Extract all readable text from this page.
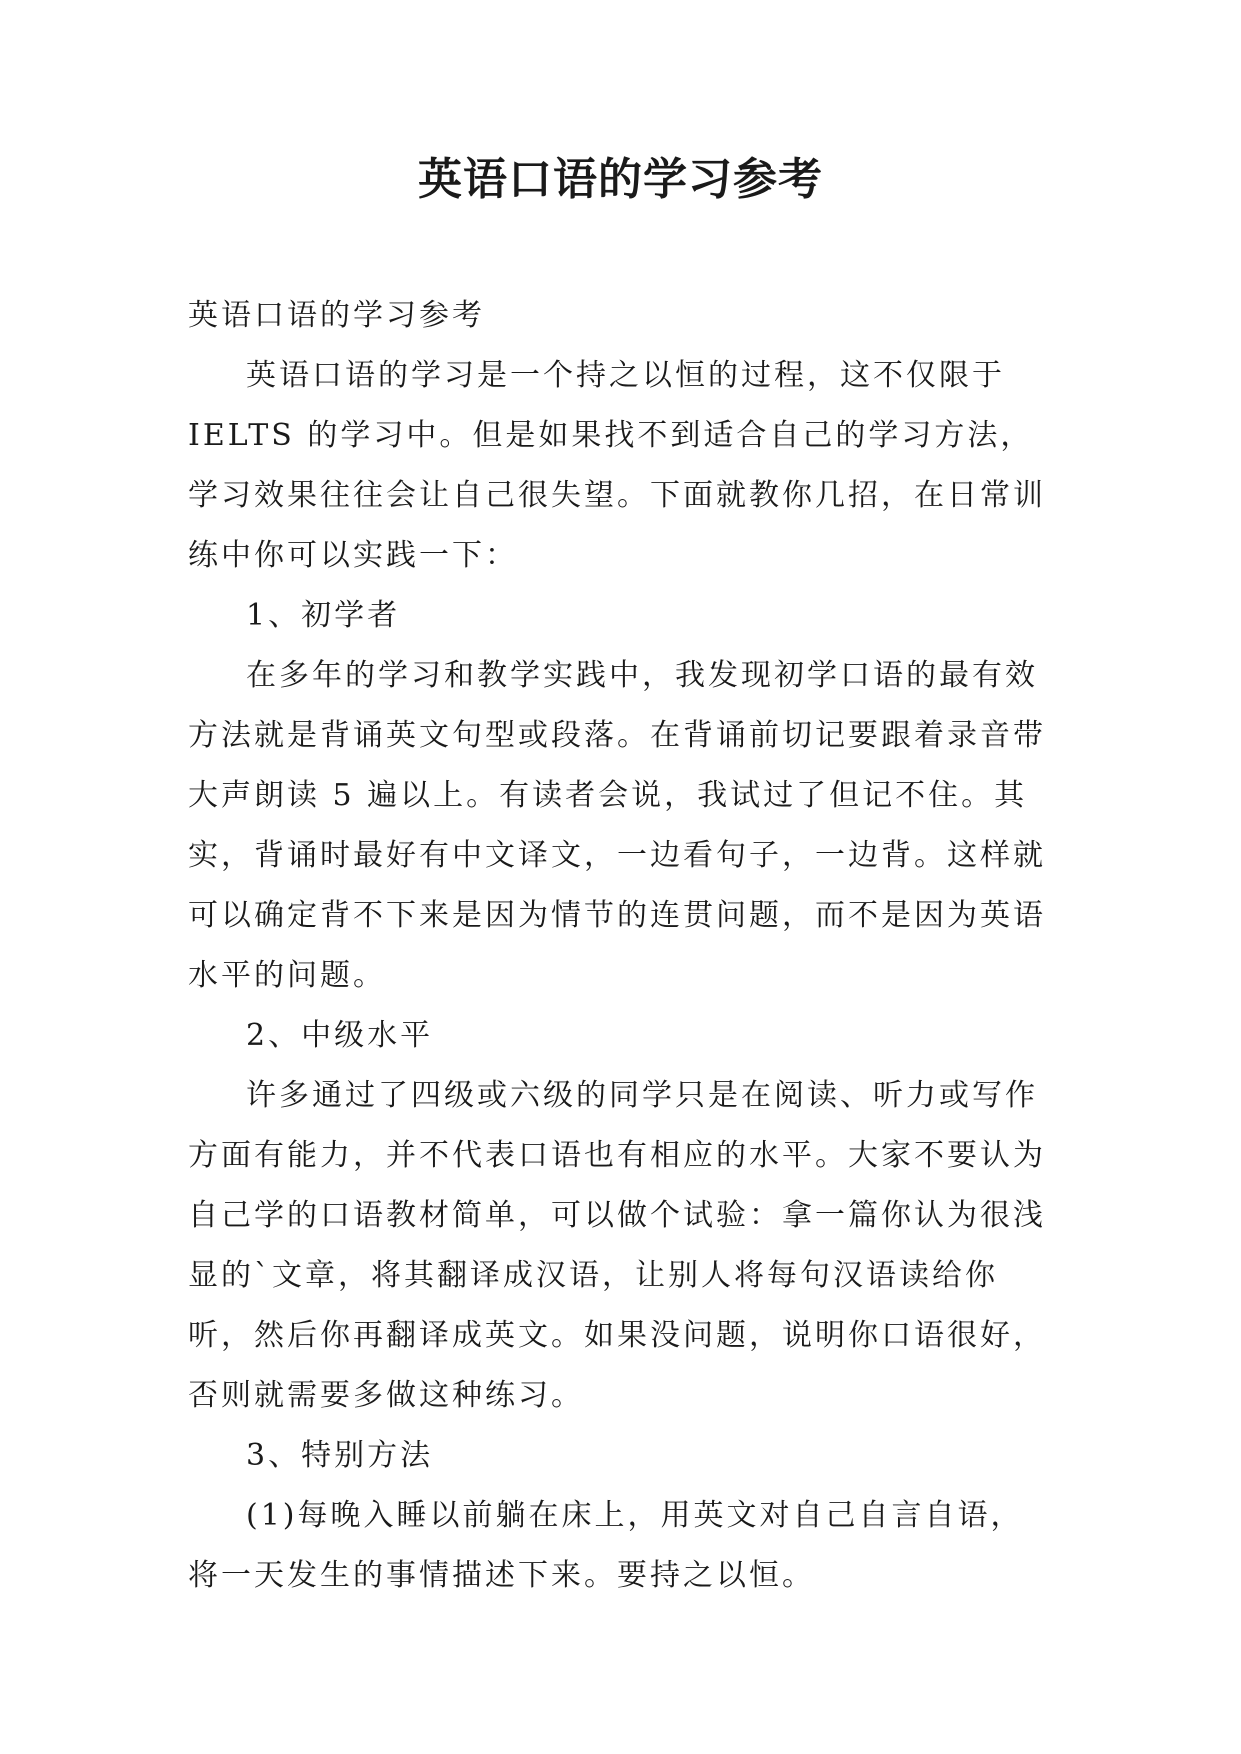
英语口语的学习参考

英语口语的学习参考

英语口语的学习是一个持之以恒的过程，这不仅限于IELTS 的学习中。但是如果找不到适合自己的学习方法，学习效果往往会让自己很失望。下面就教你几招，在日常训练中你可以实践一下：

1、初学者

在多年的学习和教学实践中，我发现初学口语的最有效方法就是背诵英文句型或段落。在背诵前切记要跟着录音带大声朗读 5 遍以上。有读者会说，我试过了但记不住。其实，背诵时最好有中文译文，一边看句子，一边背。这样就可以确定背不下来是因为情节的连贯问题，而不是因为英语水平的问题。

2、中级水平

许多通过了四级或六级的同学只是在阅读、听力或写作方面有能力，并不代表口语也有相应的水平。大家不要认为自己学的口语教材简单，可以做个试验：拿一篇你认为很浅显的`文章，将其翻译成汉语，让别人将每句汉语读给你听，然后你再翻译成英文。如果没问题，说明你口语很好，否则就需要多做这种练习。

3、特别方法

(1)每晚入睡以前躺在床上，用英文对自己自言自语，将一天发生的事情描述下来。要持之以恒。
